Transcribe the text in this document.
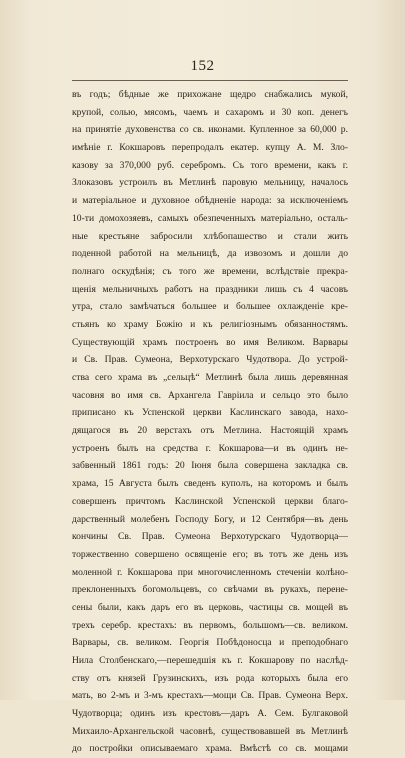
152
въ годъ; бѣдные же прихожане щедро снабжались мукой,
крупой, солью, мясомъ, чаемъ и сахаромъ и 30 коп. денегъ
на принятіе духовенства со св. иконами. Купленное за 60,000 р.
имѣніе г. Кокшаровъ перепродалъ екатер. купцу А. М. Зло-
казову за 370,000 руб. серебромъ. Съ того времени, какъ г.
Злоказовъ устроилъ въ Метлинѣ паровую мельницу, началось
и матеріальное и духовное обѣдненіе народа: за исключеніемъ
10-ти домохозяевъ, самыхъ обезпеченныхъ матеріально, осталь-
ные крестьяне забросили хлѣбопашество и стали жить
поденной работой на мельницѣ, да извозомъ и дошли до
полнаго оскудѣнія; съ того же времени, вслѣдствіе прекра-
щенія мельничныхъ работъ на праздники лишь съ 4 часовъ
утра, стало замѣчаться большее и большее охлажденіе кре-
стьянъ ко храму Божію и къ религіознымъ обязанностямъ.
Существующій храмъ построенъ во имя Великом. Варвары
и Св. Прав. Сумеона, Верхотурскаго Чудотвора. До устрой-
ства сего храма въ „сельцѣ“ Метлинѣ была лишь деревянная
часовня во имя св. Архангела Гавріила и сельцо это было
приписано къ Успенской церкви Каслинскаго завода, нахо-
дящагося въ 20 верстахъ отъ Метлина. Настоящій храмъ
устроенъ былъ на средства г. Кокшарова—и въ одинъ не-
забвенный 1861 годъ: 20 Іюня была совершена закладка св.
храма, 15 Августа былъ сведенъ куполъ, на которомъ и былъ
совершенъ причтомъ Каслинской Успенской церкви благо-
дарственный молебенъ Господу Богу, и 12 Сентября—въ день
кончины Св. Прав. Сумеона Верхотурскаго Чудотворца—
торжественно совершено освященіе его; въ тотъ же день изъ
моленной г. Кокшарова при многочисленномъ стеченіи колѣно-
преклоненныхъ богомольцевъ, со свѣчами въ рукахъ, перене-
сены были, какъ даръ его въ церковь, частицы св. мощей въ
трехъ серебр. крестахъ: въ первомъ, большомъ—св. великом.
Варвары, св. великом. Георгія Побѣдоносца и преподобнаго
Нила Столбенскаго,—перешедшія къ г. Кокшарову по наслѣд-
ству отъ князей Грузинскихъ, изъ рода которыхъ была его
мать, во 2-мъ и 3-мъ крестахъ—мощи Св. Прав. Сумеона Верх.
Чудотворца; одинъ изъ крестовъ—даръ А. Сем. Булгаковой
Михаило-Архангельской часовнѣ, существовавшей въ Метлинѣ
до постройки описываемаго храма. Вмѣстѣ со св. мощами
